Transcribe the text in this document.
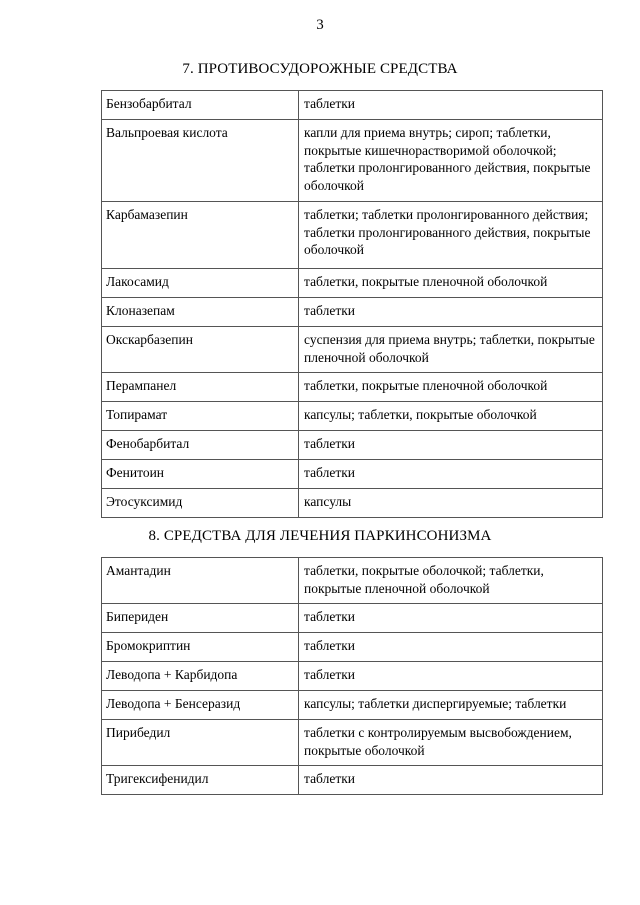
3
7. ПРОТИВОСУДОРОЖНЫЕ СРЕДСТВА
Бензобарбитал	таблетки
Вальпроевая кислота	капли для приема внутрь; сироп; таблетки, покрытые кишечнорастворимой оболочкой; таблетки пролонгированного действия, покрытые оболочкой
Карбамазепин	таблетки; таблетки пролонгированного действия; таблетки пролонгированного действия, покрытые оболочкой
Лакосамид	таблетки, покрытые пленочной оболочкой
Клоназепам	таблетки
Окскарбазепин	суспензия для приема внутрь; таблетки, покрытые пленочной оболочкой
Перампанел	таблетки, покрытые пленочной оболочкой
Топирамат	капсулы; таблетки, покрытые оболочкой
Фенобарбитал	таблетки
Фенитоин	таблетки
Этосуксимид	капсулы
8. СРЕДСТВА ДЛЯ ЛЕЧЕНИЯ ПАРКИНСОНИЗМА
Амантадин	таблетки, покрытые оболочкой; таблетки, покрытые пленочной оболочкой
Бипериден	таблетки
Бромокриптин	таблетки
Леводопа + Карбидопа	таблетки
Леводопа + Бенсеразид	капсулы; таблетки диспергируемые; таблетки
Пирибедил	таблетки с контролируемым высвобождением, покрытые оболочкой
Тригексифенидил	таблетки
